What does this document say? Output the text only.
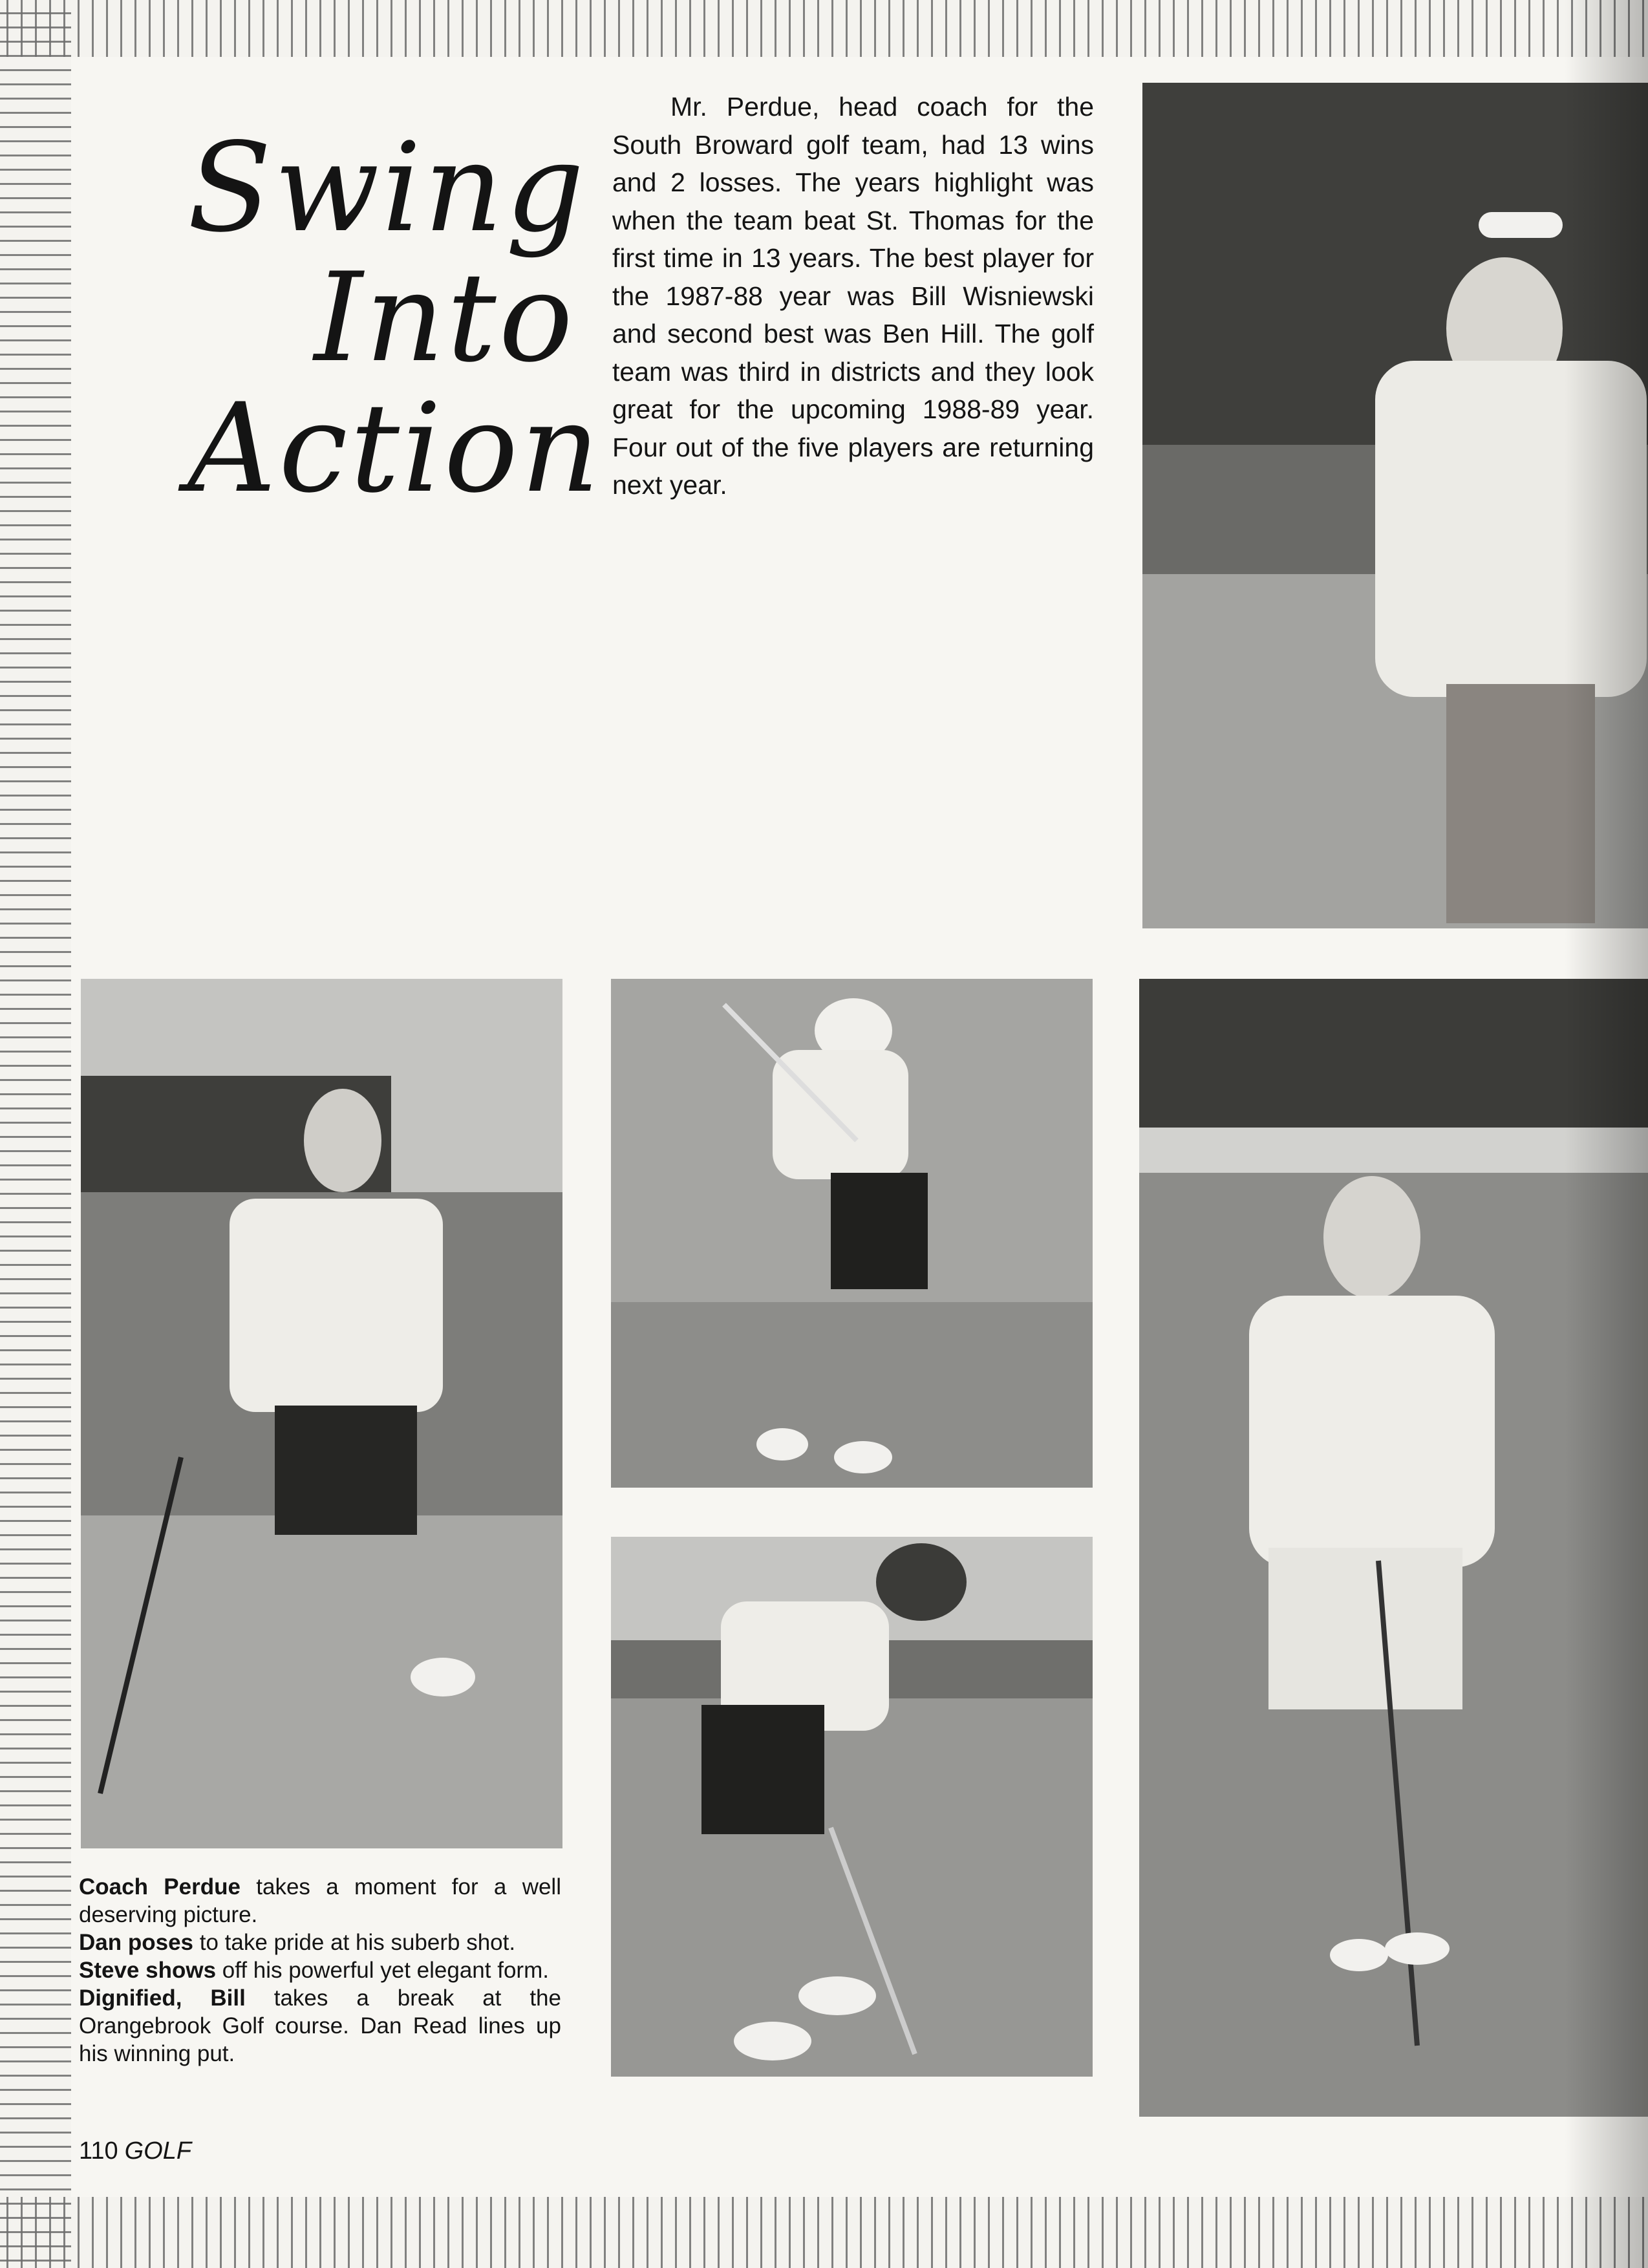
Swing
Into
Action
Mr. Perdue, head coach for the South Broward golf team, had 13 wins and 2 losses. The years highlight was when the team beat St. Thomas for the first time in 13 years. The best player for the 1987-88 year was Bill Wisniewski and second best was Ben Hill. The golf team was third in districts and they look great for the upcoming 1988-89 year. Four out of the five players are returning next year.

Coach Perdue takes a moment for a well deserving picture.

Dan poses to take pride at his suberb shot.

Steve shows off his powerful yet elegant form.

Dignified, Bill takes a break at the Orangebrook Golf course. Dan Read lines up his winning put.

110 GOLF
